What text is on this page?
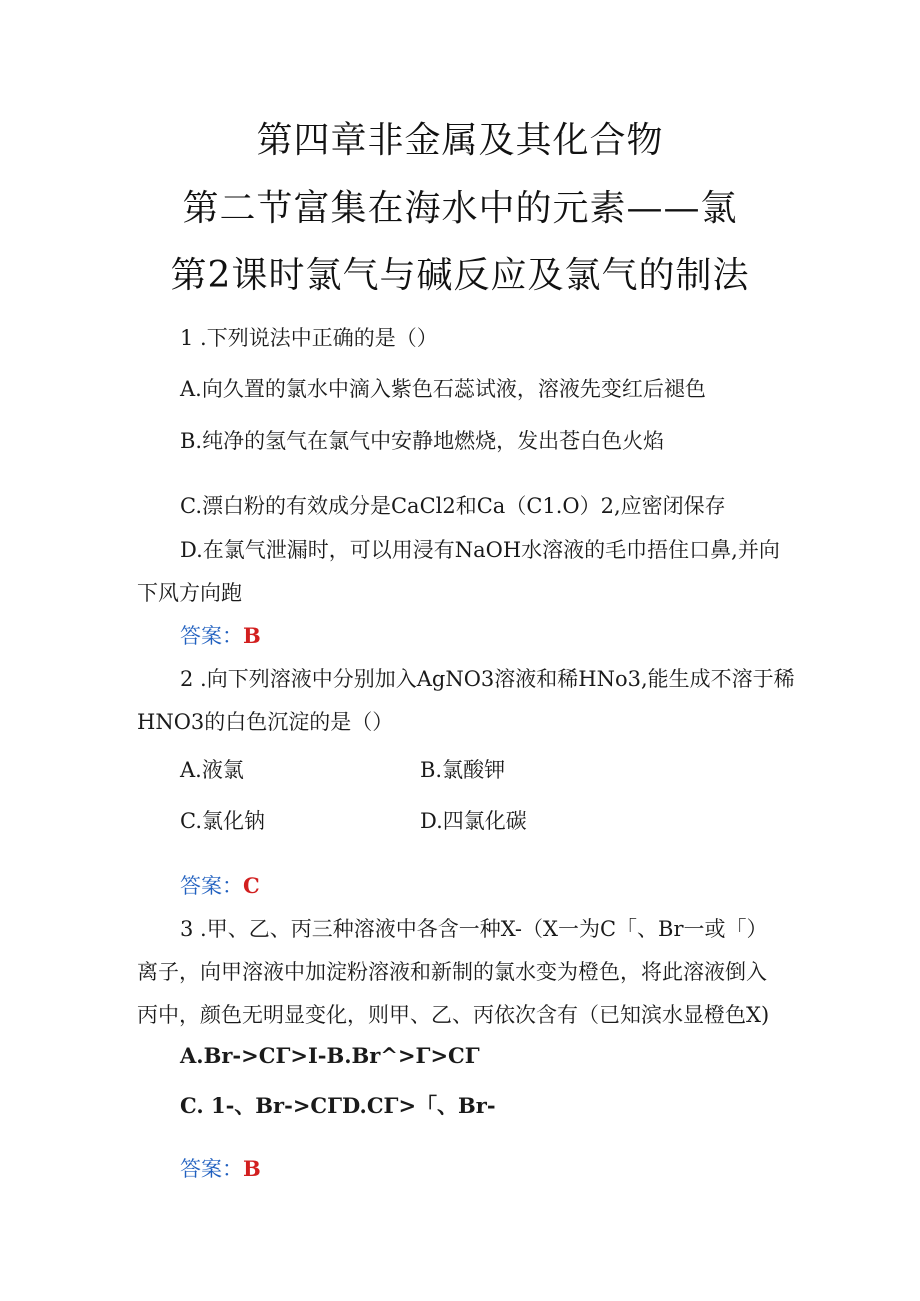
第四章非金属及其化合物
第二节富集在海水中的元素——氯
第2课时氯气与碱反应及氯气的制法
1 .下列说法中正确的是（）
A.向久置的氯水中滴入紫色石蕊试液，溶液先变红后褪色
B.纯净的氢气在氯气中安静地燃烧，发出苍白色火焰
C.漂白粉的有效成分是CaCl2和Ca（C1.O）2,应密闭保存
D.在氯气泄漏时，可以用浸有NaOH水溶液的毛巾捂住口鼻,并向
下风方向跑
答案：B
2 .向下列溶液中分别加入AgNO3溶液和稀HNo3,能生成不溶于稀
HNO3的白色沉淀的是（）
A.液氯	B.氯酸钾
C.氯化钠	D.四氯化碳
答案：C
3 .甲、乙、丙三种溶液中各含一种X-（X一为C「、Br一或「）
离子，向甲溶液中加淀粉溶液和新制的氯水变为橙色，将此溶液倒入
丙中，颜色无明显变化，则甲、乙、丙依次含有（已知滨水显橙色X)
A.Br->CΓ>I-B.Br^>Γ>CΓ
C. 1-、Br->CΓD.CΓ>「、Br-
答案：B
